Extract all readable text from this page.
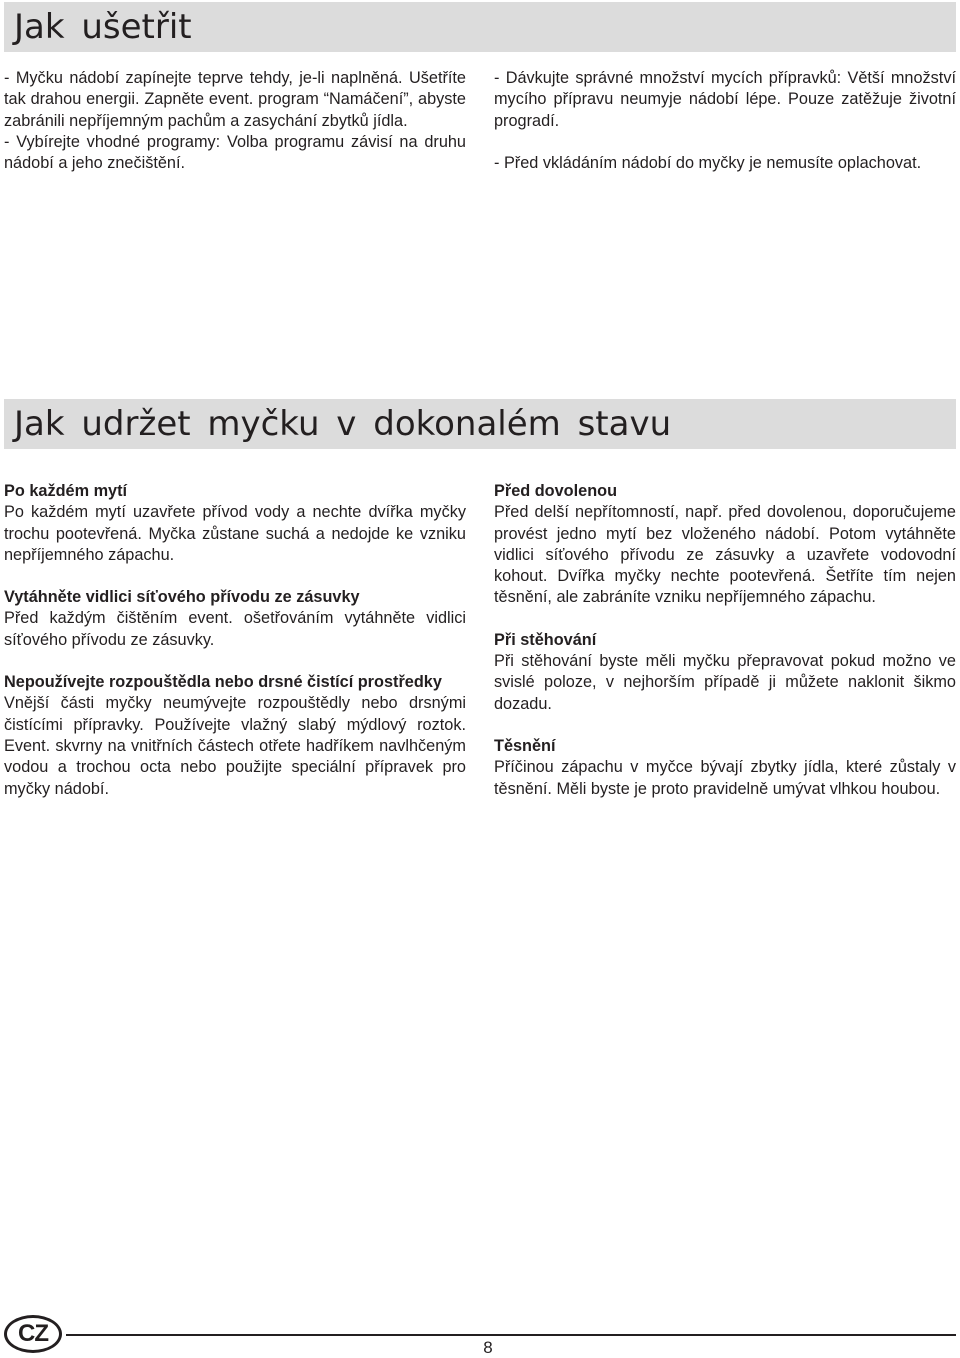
Jak ušetřit

- Myčku nádobí zapínejte teprve tehdy, je-li naplněná. Ušetříte tak drahou energii. Zapněte event. program “Namáčení”, abyste zabránili nepříjemným pachům a zasychání zbytků jídla.

- Vybírejte vhodné programy: Volba programu závisí na druhu nádobí a jeho znečištění.

- Dávkujte správné množství mycích přípravků: Větší množství mycího přípravu neumyje nádobí lépe. Pouze zatěžuje životní progradí.

- Před vkládáním nádobí do myčky je nemusíte oplachovat.

Jak udržet myčku v dokonalém stavu

Po každém mytí

Po každém mytí uzavřete přívod vody a nechte dvířka myčky trochu pootevřená. Myčka zůstane suchá a nedojde ke vzniku nepříjemného zápachu.

Vytáhněte vidlici síťového přívodu ze zásuvky

Před každým čištěním event. ošetřováním vytáhněte vidlici síťového přívodu ze zásuvky.

Nepoužívejte rozpouštědla nebo drsné čistící prostředky

Vnější části myčky neumývejte rozpouštědly nebo drsnými čistícími přípravky. Používejte vlažný slabý mýdlový roztok. Event. skvrny na vnitřních částech otřete hadříkem navlhčeným vodou a trochou octa nebo použijte speciální přípravek pro myčky nádobí.

Před dovolenou

Před delší nepřítomností, např. před dovolenou, doporučujeme provést jedno mytí bez vloženého nádobí. Potom vytáhněte vidlici síťového přívodu ze zásuvky a uzavřete vodovodní kohout. Dvířka myčky nechte pootevřená. Šetříte tím nejen těsnění, ale zabráníte vzniku nepříjemného zápachu.

Při stěhování

Při stěhování byste měli myčku přepravovat pokud možno ve svislé poloze, v nejhorším případě ji můžete naklonit šikmo dozadu.

Těsnění

Příčinou zápachu v myčce bývají zbytky jídla, které zůstaly v těsnění. Měli byste je proto pravidelně umývat vlhkou houbou.

CZ
8
